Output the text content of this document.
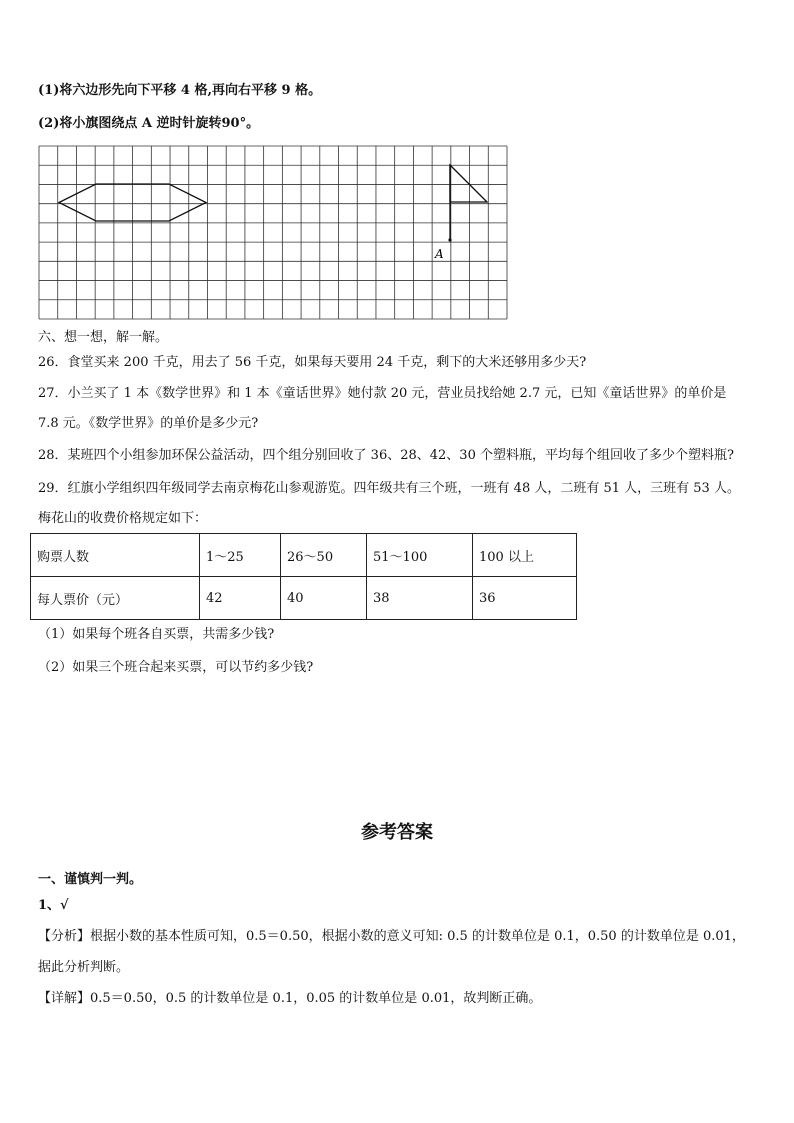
(1)将六边形先向下平移 4 格,再向右平移 9 格。
(2)将小旗图绕点 A 逆时针旋转90°。
A
六、想一想，解一解。
26．食堂买来 200 千克，用去了 56 千克，如果每天要用 24 千克，剩下的大米还够用多少天?
27．小兰买了 1 本《数学世界》和 1 本《童话世界》她付款 20 元，营业员找给她 2.7 元，已知《童话世界》的单价是
7.8 元。《数学世界》的单价是多少元?
28．某班四个小组参加环保公益活动，四个组分别回收了 36、28、42、30 个塑料瓶，平均每个组回收了多少个塑料瓶?
29．红旗小学组织四年级同学去南京梅花山参观游览。四年级共有三个班，一班有 48 人，二班有 51 人，三班有 53 人。
梅花山的收费价格规定如下：
购票人数	1～25	26～50	51～100	100 以上
每人票价（元）	42	40	38	36
（1）如果每个班各自买票，共需多少钱?
（2）如果三个班合起来买票，可以节约多少钱?
参考答案
一、谨慎判一判。
1、√
【分析】根据小数的基本性质可知，0.5＝0.50，根据小数的意义可知: 0.5 的计数单位是 0.1，0.50 的计数单位是 0.01，
据此分析判断。
【详解】0.5＝0.50，0.5 的计数单位是 0.1，0.05 的计数单位是 0.01，故判断正确。
